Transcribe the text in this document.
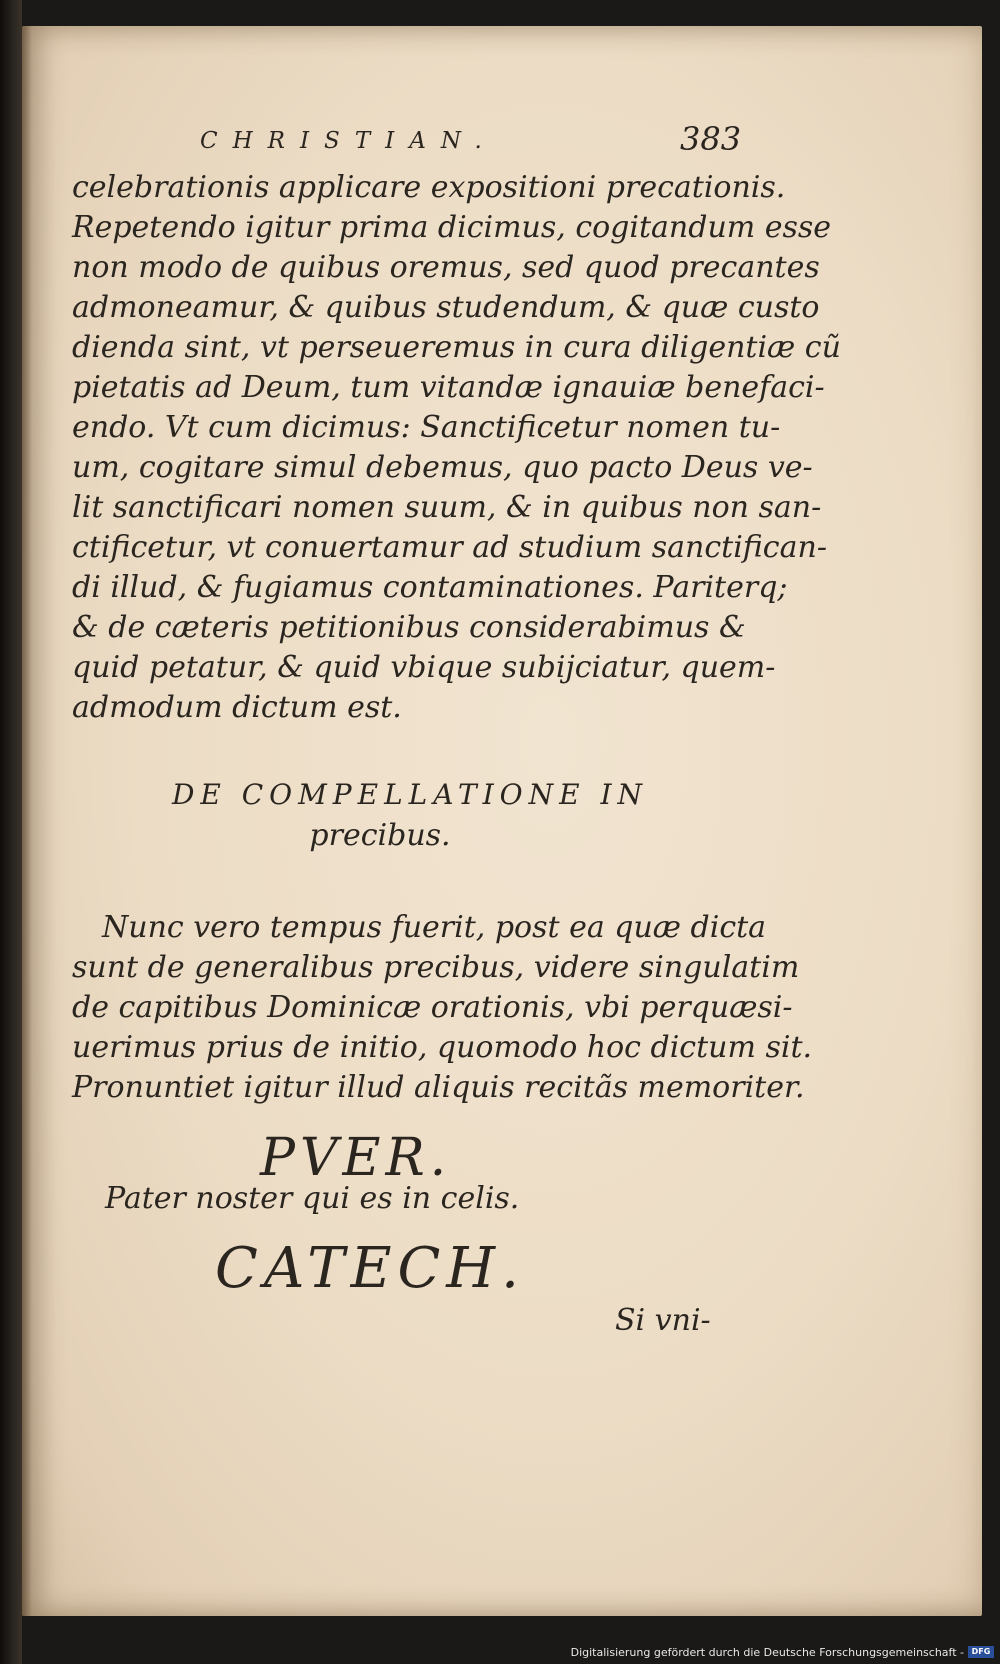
CHRISTIAN.	383
celebrationis applicare expositioni precationis.
Repetendo igitur prima dicimus, cogitandum esse
non modo de quibus oremus, sed quod precantes
admoneamur, & quibus studendum, & quæ custo
dienda sint, vt perseueremus in cura diligentiæ cũ
pietatis ad Deum, tum vitandæ ignauiæ benefaci-
endo. Vt cum dicimus: Sanctificetur nomen tu-
um, cogitare simul debemus, quo pacto Deus ve-
lit sanctificari nomen suum, & in quibus non san-
ctificetur, vt conuertamur ad studium sanctifican-
di illud, & fugiamus contaminationes. Pariterq;
& de cæteris petitionibus considerabimus &
quid petatur, & quid vbique subijciatur, quem-
admodum dictum est.
DE COMPELLATIONE IN
precibus.
Nunc vero tempus fuerit, post ea quæ dicta
sunt de generalibus precibus, videre singulatim
de capitibus Dominicæ orationis, vbi perquæsi-
uerimus prius de initio, quomodo hoc dictum sit.
Pronuntiet igitur illud aliquis recitãs memoriter.
PVER.
Pater noster qui es in celis.
CATECH.
Si vni-
Digitalisierung gefördert durch die Deutsche Forschungsgemeinschaft - DFG
